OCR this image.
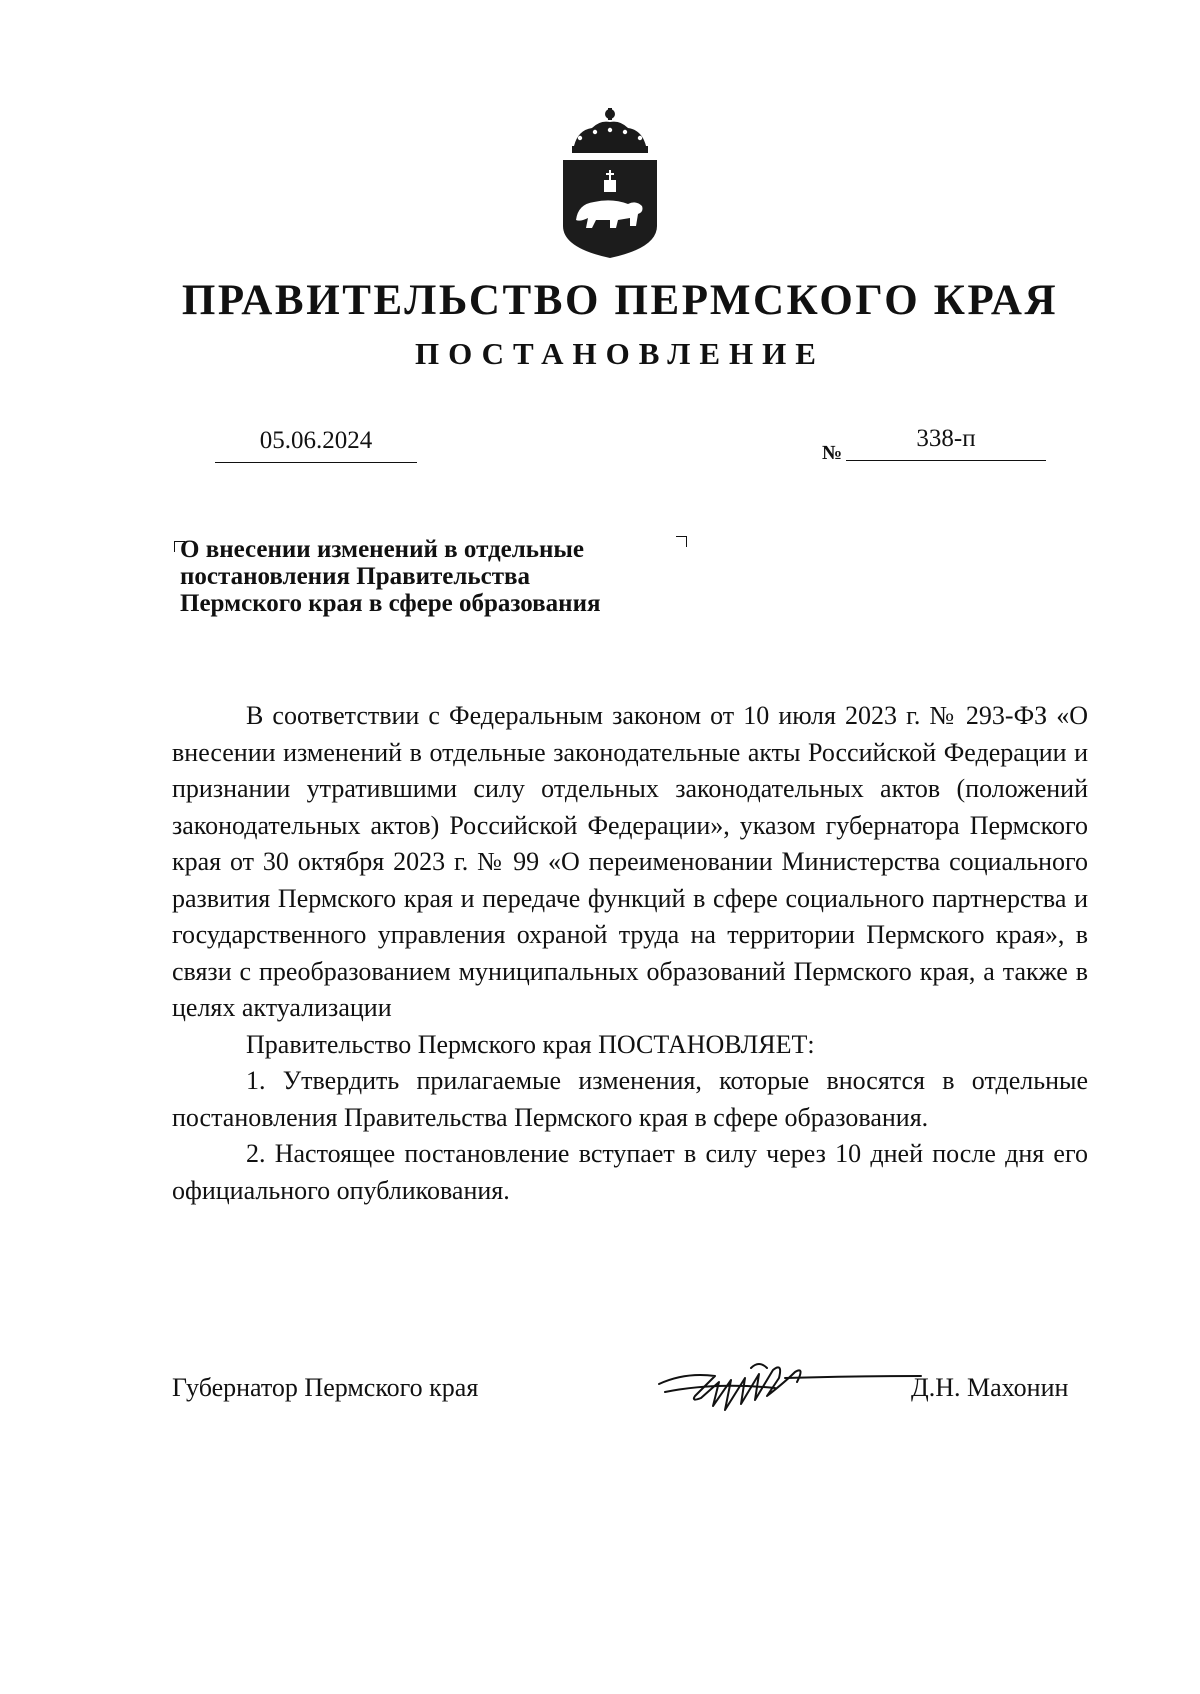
ПРАВИТЕЛЬСТВО ПЕРМСКОГО КРАЯ
ПОСТАНОВЛЕНИЕ
05.06.2024	№
338-п
О внесении изменений в отдельные
постановления Правительства
Пермского края в сфере образования

В соответствии с Федеральным законом от 10 июля 2023 г. № 293-ФЗ «О внесении изменений в отдельные законодательные акты Российской Федерации и признании утратившими силу отдельных законодательных актов (положений законодательных актов) Российской Федерации», указом губернатора Пермского края от 30 октября 2023 г. № 99 «О переименовании Министерства социального развития Пермского края и передаче функций в сфере социального партнерства и государственного управления охраной труда на территории Пермского края», в связи с преобразованием муниципальных образований Пермского края, а также в целях актуализации

Правительство Пермского края ПОСТАНОВЛЯЕТ:

1. Утвердить прилагаемые изменения, которые вносятся в отдельные постановления Правительства Пермского края в сфере образования.

2. Настоящее постановление вступает в силу через 10 дней после дня его официального опубликования.

Губернатор Пермского края	Д.Н. Махонин
